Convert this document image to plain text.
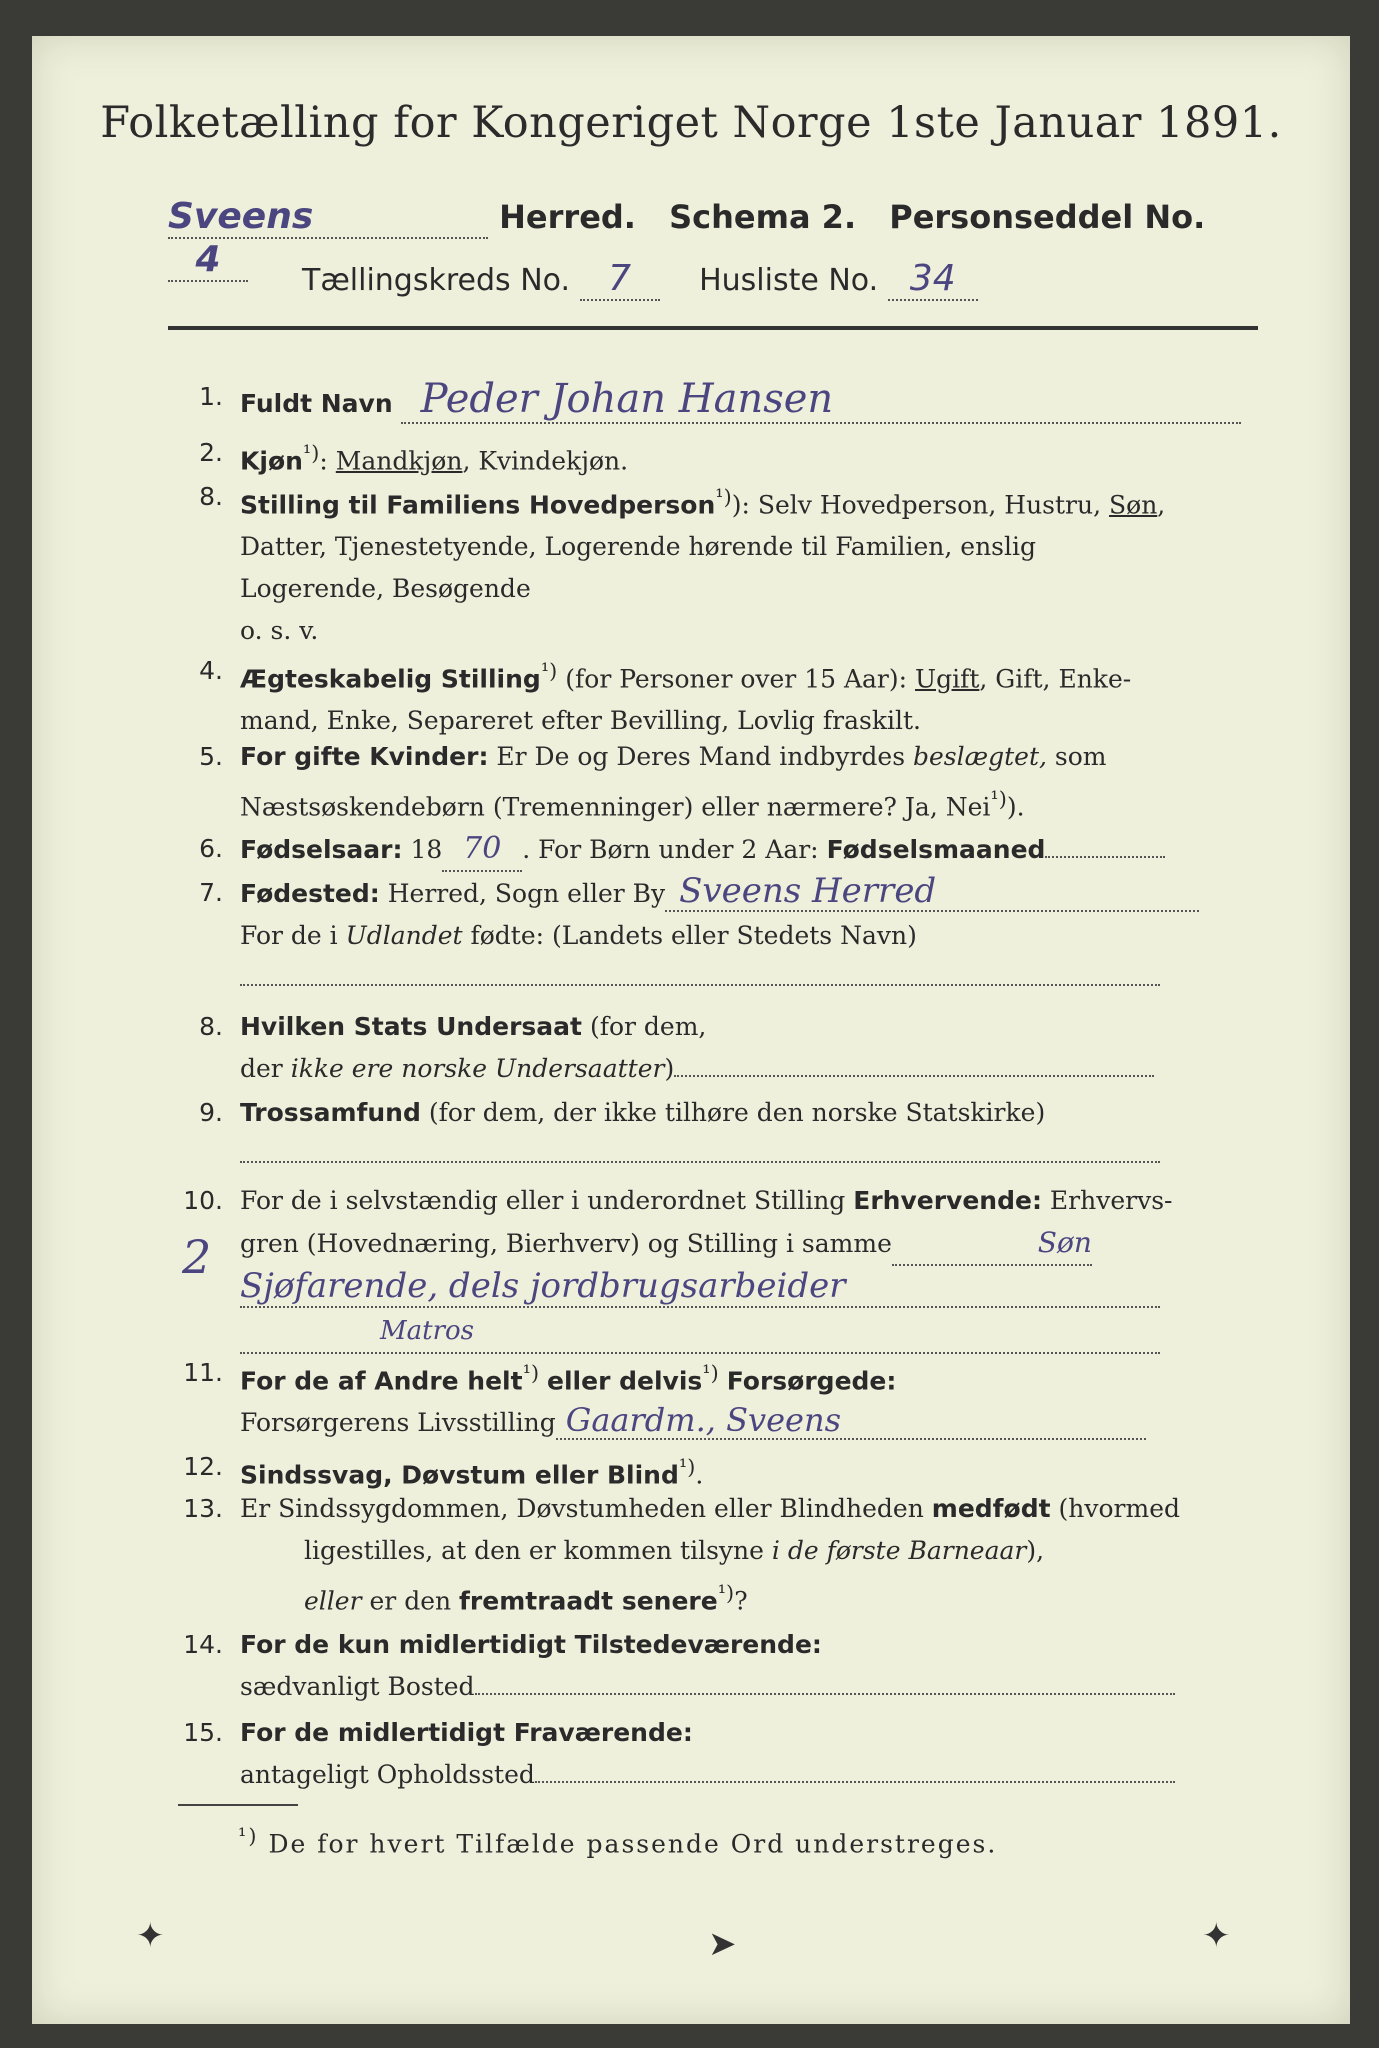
Folketælling for Kongeriget Norge 1ste Januar 1891.
Sveens	Herred. Schema 2. Personseddel No. 4
Tællingskreds No. 7 Husliste No. 34
1. Fuldt Navn Peder Johan Hansen
2. Kjøn$^{^1)}$: Mandkjøn, Kvindekjøn.
8. Stilling til Familiens Hovedperson$^{^1)}$): Selv Hovedperson, Hustru, Søn,
Datter, Tjenestetyende, Logerende hørende til Familien, enslig
Logerende, Besøgende
o. s. v.
4. Ægteskabelig Stilling$^{^1)}$ (for Personer over 15 Aar): Ugift, Gift, Enke-
mand, Enke, Separeret efter Bevilling, Lovlig fraskilt.
5. For gifte Kvinder: Er De og Deres Mand indbyrdes beslægtet, som
Næstsøskendebørn (Tremenninger) eller nærmere? Ja, Nei$^{^1)}$).
6. Fødselsaar: 18 70 . For Børn under 2 Aar: Fødselsmaaned
7. Fødested: Herred, Sogn eller By Sveens Herred
For de i Udlandet fødte: (Landets eller Stedets Navn)
8. Hvilken Stats Undersaat (for dem,
der ikke ere norske Undersaatter)
9. Trossamfund (for dem, der ikke tilhøre den norske Statskirke)
10.
2
For de i selvstændig eller i underordnet Stilling Erhvervende: Erhvervs-
gren (Hovednæring, Bierhverv) og Stilling i samme	Søn
Sjøfarende, dels jordbrugsarbeider
Matros
11. For de af Andre helt$^{^1)}$ eller delvis$^{^1)}$ Forsørgede:
Forsørgerens Livsstilling Gaardm., Sveens
12. Sindssvag, Døvstum eller Blind$^{^1)}$.
13. Er Sindssygdommen, Døvstumheden eller Blindheden medfødt (hvormed
ligestilles, at den er kommen tilsyne i de første Barneaar),
eller er den fremtraadt senere$^{^1)}$?
14. For de kun midlertidigt Tilstedeværende:
sædvanligt Bosted
15. For de midlertidigt Fraværende:
antageligt Opholdssted
$^{^1)}$ De for hvert Tilfælde passende Ord understreges.
✦	➤	✦
